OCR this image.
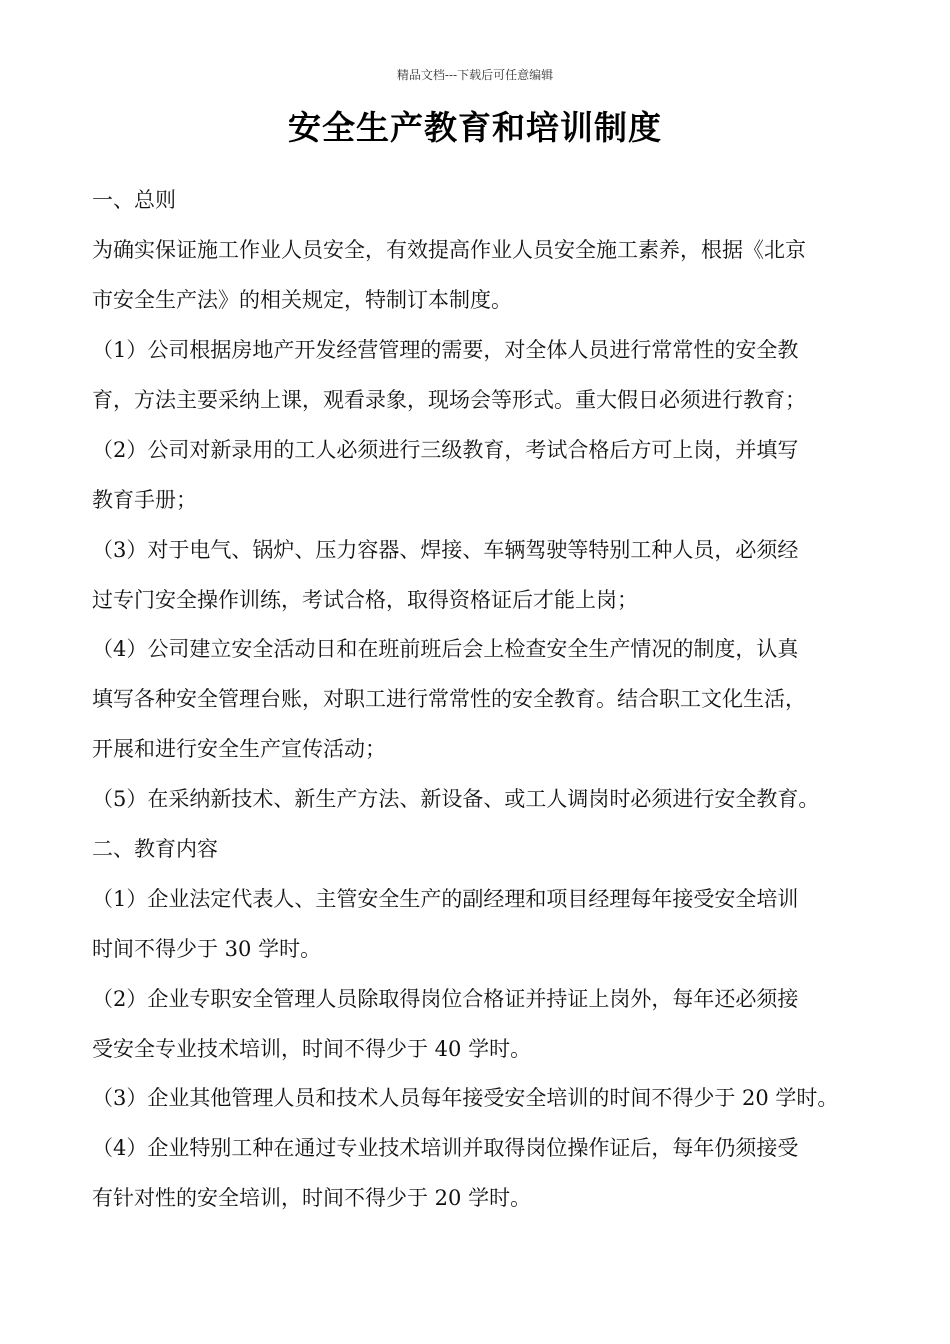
精品文档---下载后可任意编辑
安全生产教育和培训制度
一、总则
为确实保证施工作业人员安全，有效提高作业人员安全施工素养，根据《北京
市安全生产法》的相关规定，特制订本制度。
（1）公司根据房地产开发经营管理的需要，对全体人员进行常常性的安全教
育，方法主要采纳上课，观看录象，现场会等形式。重大假日必须进行教育；
（2）公司对新录用的工人必须进行三级教育，考试合格后方可上岗，并填写
教育手册；
（3）对于电气、锅炉、压力容器、焊接、车辆驾驶等特别工种人员，必须经
过专门安全操作训练，考试合格，取得资格证后才能上岗；
（4）公司建立安全活动日和在班前班后会上检查安全生产情况的制度，认真
填写各种安全管理台账，对职工进行常常性的安全教育。结合职工文化生活，
开展和进行安全生产宣传活动；
（5）在采纳新技术、新生产方法、新设备、或工人调岗时必须进行安全教育。
二、教育内容
（1）企业法定代表人、主管安全生产的副经理和项目经理每年接受安全培训
时间不得少于 30 学时。
（2）企业专职安全管理人员除取得岗位合格证并持证上岗外，每年还必须接
受安全专业技术培训，时间不得少于 40 学时。
（3）企业其他管理人员和技术人员每年接受安全培训的时间不得少于 20 学时。
（4）企业特别工种在通过专业技术培训并取得岗位操作证后，每年仍须接受
有针对性的安全培训，时间不得少于 20 学时。
